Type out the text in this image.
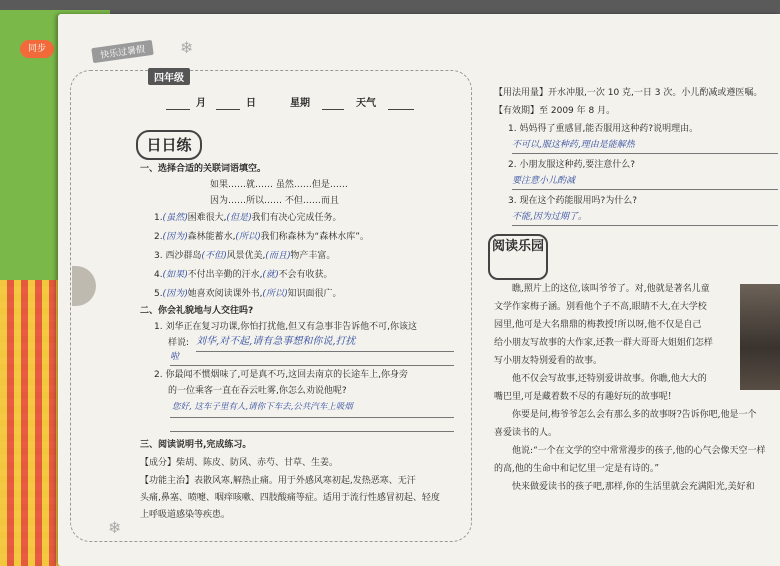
同步	❄
❄
快乐过暑假
四年级
月	日	星期	天气
日日练
一、选择合适的关联词语填空。
如果……就…… 虽然……但是……
因为……所以…… 不但……而且
1.(虽然)困难很大,(但是)我们有决心完成任务。
2.(因为)森林能蓄水,(所以)我们称森林为“森林水库”。
3. 西沙群岛(不但)风景优美,(而且)物产丰富。
4.(如果)不付出辛勤的汗水,(就)不会有收获。
5.(因为)她喜欢阅读课外书,(所以)知识面很广。
二、你会礼貌地与人交往吗?
1. 刘华正在复习功课,你怕打扰他,但又有急事非告诉他不可,你该这
样说: 刘华,对不起,请有急事想和你说,打扰
啦
2. 你最闻不惯烟味了,可是真不巧,这回去南京的长途车上,你身旁
的一位乘客一直在吞云吐雾,你怎么劝说他呢?
您好, 这车子里有人,请你下车去,公共汽车上吸烟
三、阅读说明书,完成练习。
【成分】柴胡、陈皮、防风、赤芍、甘草、生姜。
【功能主治】表散风寒,解热止痛。用于外感风寒初起,发热恶寒、无汗
头痛,鼻塞、喷嚏、咽痒咳嗽、四肢酸痛等症。适用于流行性感冒初起、轻度
上呼吸道感染等疾患。
【用法用量】开水冲服,一次 10 克,一日 3 次。小儿酌减或遵医嘱。
【有效期】至 2009 年 8 月。
1. 妈妈得了重感冒,能否服用这种药?说明理由。
不可以,服这种药,理由是能解热
2. 小朋友服这种药,要注意什么?
要注意小儿酌减
3. 现在这个药能服用吗?为什么?
不能,因为过期了。
阅读乐园
瞧,照片上的这位,该叫爷爷了。对,他就是著名儿童
文学作家梅子涵。别看他个子不高,眼睛不大,在大学校
园里,他可是大名鼎鼎的梅教授!所以呀,他不仅是自己
给小朋友写故事的大作家,还教一群大哥哥大姐姐们怎样
写小朋友特别爱看的故事。
他不仅会写故事,还特别爱讲故事。你瞧,他大大的
嘴巴里,可是藏着数不尽的有趣好玩的故事呢!
你要是问,梅爷爷怎么会有那么多的故事呀?告诉你吧,他是一个
喜爱读书的人。
他说:“一个在文学的空中常常漫步的孩子,他的心气会像天空一样
的高,他的生命中和记忆里一定是有诗的。”
快来做爱读书的孩子吧,那样,你的生活里就会充满阳光,美好和
